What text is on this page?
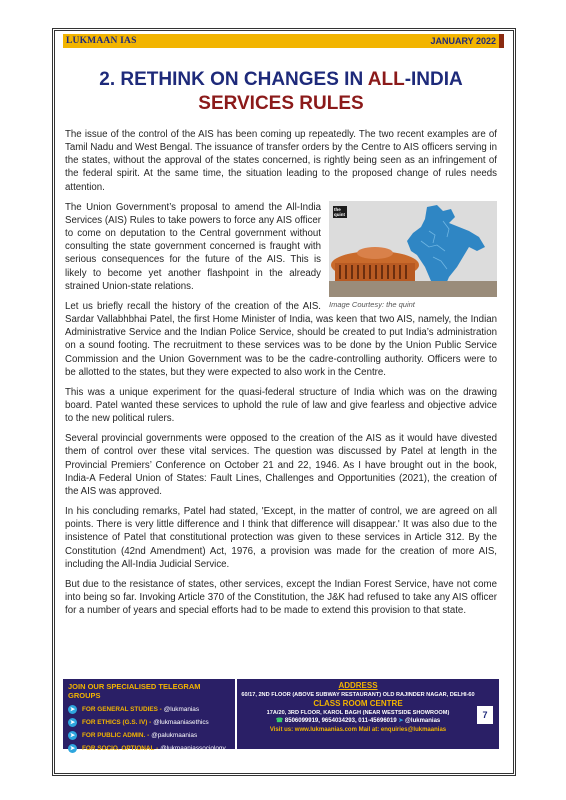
LUKMAAN IAS	JANUARY 2022
2. RETHINK ON CHANGES IN ALL-INDIA
SERVICES RULES

The issue of the control of the AIS has been coming up repeatedly. The two recent examples are of Tamil Nadu and West Bengal. The issuance of transfer orders by the Centre to AIS officers serving in the states, without the approval of the states concerned, is rightly being seen as an infringement of the federal spirit. At the same time, the situation leading to the proposed change of rules needs attention.

the quint
Image Courtesy: the quint

The Union Government’s proposal to amend the All-India Services (AIS) Rules to take powers to force any AIS officer to come on deputation to the Central government without consulting the state government concerned is fraught with serious consequences for the future of the AIS. This is likely to become yet another flashpoint in the already strained Union-state relations.

Let us briefly recall the history of the creation of the AIS. Sardar Vallabhbhai Patel, the first Home Minister of India, was keen that two AIS, namely, the Indian Administrative Service and the Indian Police Service, should be created to put India’s administration on a sound footing. The recruitment to these services was to be done by the Union Public Service Commission and the Union Government was to be the cadre-controlling authority. Officers were to be allotted to the states, but they were expected to also work in the Centre.

This was a unique experiment for the quasi-federal structure of India which was on the drawing board. Patel wanted these services to uphold the rule of law and give fearless and objective advice to the new political rulers.

Several provincial governments were opposed to the creation of the AIS as it would have divested them of control over these vital services. The question was discussed by Patel at length in the Provincial Premiers’ Conference on October 21 and 22, 1946. As I have brought out in the book, India-A Federal Union of States: Fault Lines, Challenges and Opportunities (2021), the creation of the AIS was approved.

In his concluding remarks, Patel had stated, 'Except, in the matter of control, we are agreed on all points. There is very little difference and I think that difference will disappear.' It was also due to the insistence of Patel that constitutional protection was given to these services in Article 312. By the Constitution (42nd Amendment) Act, 1976, a provision was made for the creation of more AIS, including the All-India Judicial Service.

But due to the resistance of states, other services, except the Indian Forest Service, have not come into being so far. Invoking Article 370 of the Constitution, the J&K had refused to take any AIS officer for a number of years and special efforts had to be made to extend this provision to that state.

JOIN OUR SPECIALISED TELEGRAM GROUPS
➤	FOR GENERAL STUDIES - @lukmanias
➤	FOR ETHICS (G.S. IV) - @lukmaaniasethics
➤	FOR PUBLIC ADMIN. - @palukmaanias
➤	FOR SOCIO. OPTIONAL - @lukmaaniassociology
ADDRESS
60/17, 2ND FLOOR (ABOVE SUBWAY RESTAURANT) OLD RAJINDER NAGAR, DELHI-60
CLASS ROOM CENTRE
17A/20, 3RD FLOOR, KAROL BAGH (NEAR WESTSIDE SHOWROOM)
☎ 8506099919, 9654034293, 011-45696019 ➤ @lukmanias
Visit us: www.lukmaanias.com Mail at: enquiries@lukmaanias
7
